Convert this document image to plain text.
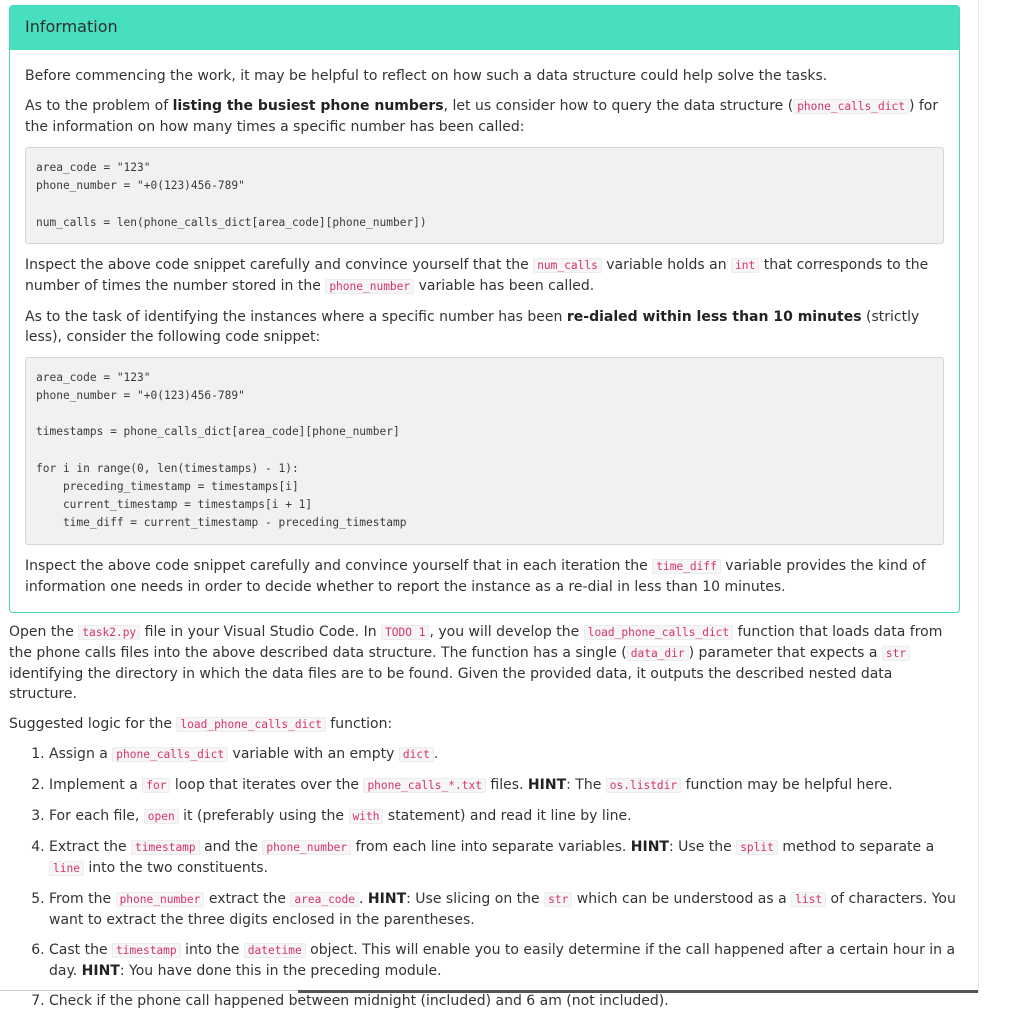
Information

Before commencing the work, it may be helpful to reflect on how such a data structure could help solve the tasks.

As to the problem of listing the busiest phone numbers, let us consider how to query the data structure ( phone_calls_dict ) for the information on how many times a specific number has been called:

area_code = "123"
phone_number = "+0(123)456-789"

num_calls = len(phone_calls_dict[area_code][phone_number])

Inspect the above code snippet carefully and convince yourself that the num_calls variable holds an int that corresponds to the number of times the number stored in the phone_number variable has been called.

As to the task of identifying the instances where a specific number has been re-dialed within less than 10 minutes (strictly less), consider the following code snippet:

area_code = "123"
phone_number = "+0(123)456-789"

timestamps = phone_calls_dict[area_code][phone_number]

for i in range(0, len(timestamps) - 1):
preceding_timestamp = timestamps[i]
current_timestamp = timestamps[i + 1]
time_diff = current_timestamp - preceding_timestamp

Inspect the above code snippet carefully and convince yourself that in each iteration the time_diff variable provides the kind of information one needs in order to decide whether to report the instance as a re-dial in less than 10 minutes.

Open the task2.py file in your Visual Studio Code. In TODO 1 , you will develop the load_phone_calls_dict function that loads data from the phone calls files into the above described data structure. The function has a single ( data_dir ) parameter that expects a str identifying the directory in which the data files are to be found. Given the provided data, it outputs the described nested data structure.

Suggested logic for the load_phone_calls_dict function:

1. Assign a phone_calls_dict variable with an empty dict .
2. Implement a for loop that iterates over the phone_calls_*.txt files. HINT: The os.listdir function may be helpful here.
3. For each file, open it (preferably using the with statement) and read it line by line.
4. Extract the timestamp and the phone_number from each line into separate variables. HINT: Use the split method to separate a line into the two constituents.
5. From the phone_number extract the area_code . HINT: Use slicing on the str which can be understood as a list of characters. You want to extract the three digits enclosed in the parentheses.
6. Cast the timestamp into the datetime object. This will enable you to easily determine if the call happened after a certain hour in a day. HINT: You have done this in the preceding module.
7. Check if the phone call happened between midnight (included) and 6 am (not included).
